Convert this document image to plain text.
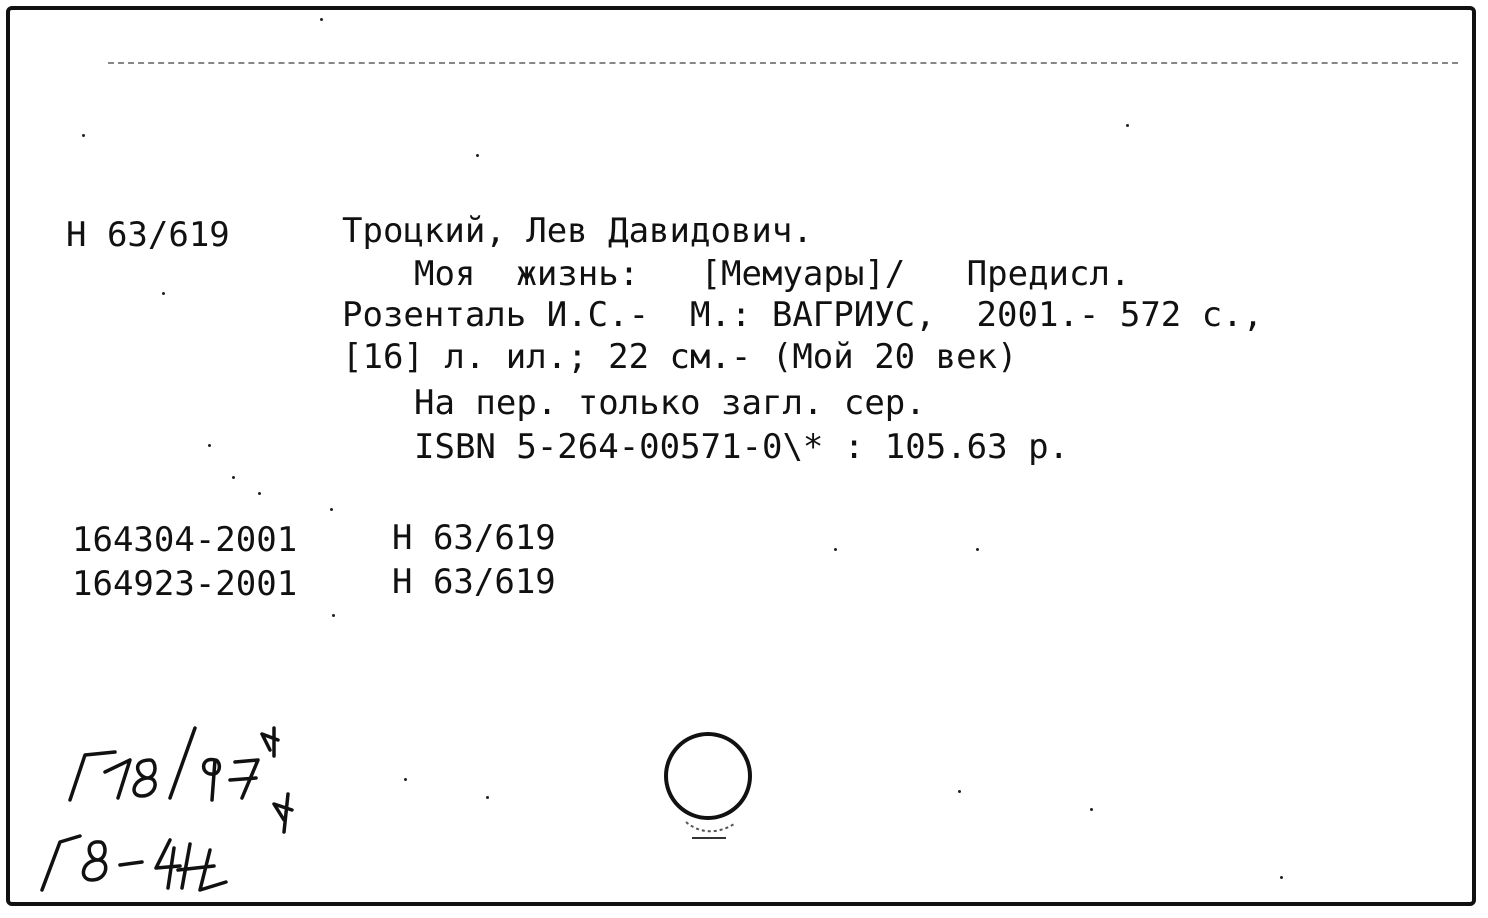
Н 63/619	Троцкий, Лев Давидович.
Моя  жизнь:   [Мемуары]/   Предисл.
Розенталь И.С.-  М.: ВАГРИУС,  2001.- 572 с.,
[16] л. ил.; 22 см.- (Мой 20 век)
На пер. только загл. сер.
ISBN 5-264-00571-0\* : 105.63 р.
164304-2001	Н 63/619
164923-2001	Н 63/619
